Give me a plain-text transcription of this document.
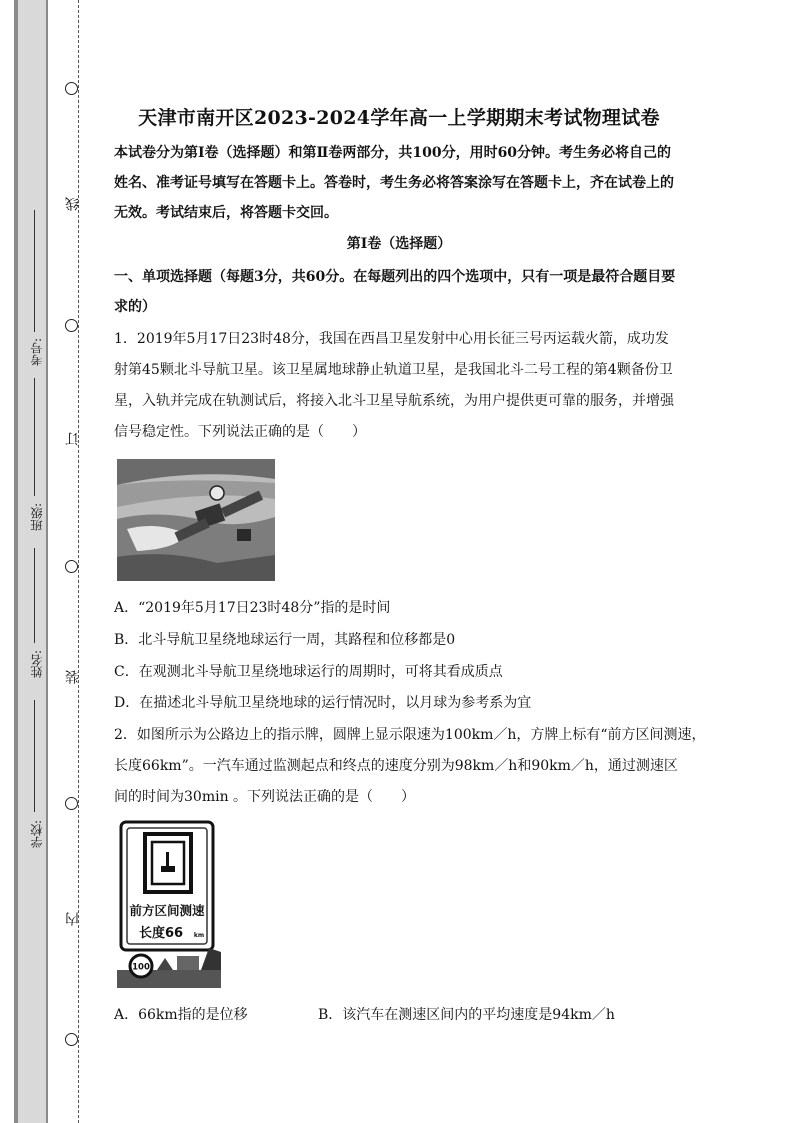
线
订
装
内
学校:
姓名:
班级:
考号:
天津市南开区2023-2024学年高一上学期期末考试物理试卷
本试卷分为第Ⅰ卷（选择题）和第Ⅱ卷两部分，共100分，用时60分钟。考生务必将自己的
姓名、准考证号填写在答题卡上。答卷时，考生务必将答案涂写在答题卡上，齐在试卷上的
无效。考试结束后，将答题卡交回。
第Ⅰ卷（选择题）
一、单项选择题（每题3分，共60分。在每题列出的四个选项中，只有一项是最符合题目要
求的）
1．2019年5月17日23时48分，我国在西昌卫星发射中心用长征三号丙运载火箭，成功发
射第45颗北斗导航卫星。该卫星属地球静止轨道卫星，是我国北斗二号工程的第4颗备份卫
星，入轨并完成在轨测试后，将接入北斗卫星导航系统，为用户提供更可靠的服务，并增强
信号稳定性。下列说法正确的是（　　）
A．“2019年5月17日23时48分”指的是时间
B．北斗导航卫星绕地球运行一周，其路程和位移都是0
C．在观测北斗导航卫星绕地球运行的周期时，可将其看成质点
D．在描述北斗导航卫星绕地球的运行情况时，以月球为参考系为宜
2．如图所示为公路边上的指示牌，圆牌上显示限速为100km／h，方牌上标有“前方区间测速，
长度66km”。一汽车通过监测起点和终点的速度分别为98km／h和90km／h，通过测速区
间的时间为30min 。下列说法正确的是（　　）
前方区间测速
长度66 km
100
A．66km指的是位移	B．该汽车在测速区间内的平均速度是94km／h
